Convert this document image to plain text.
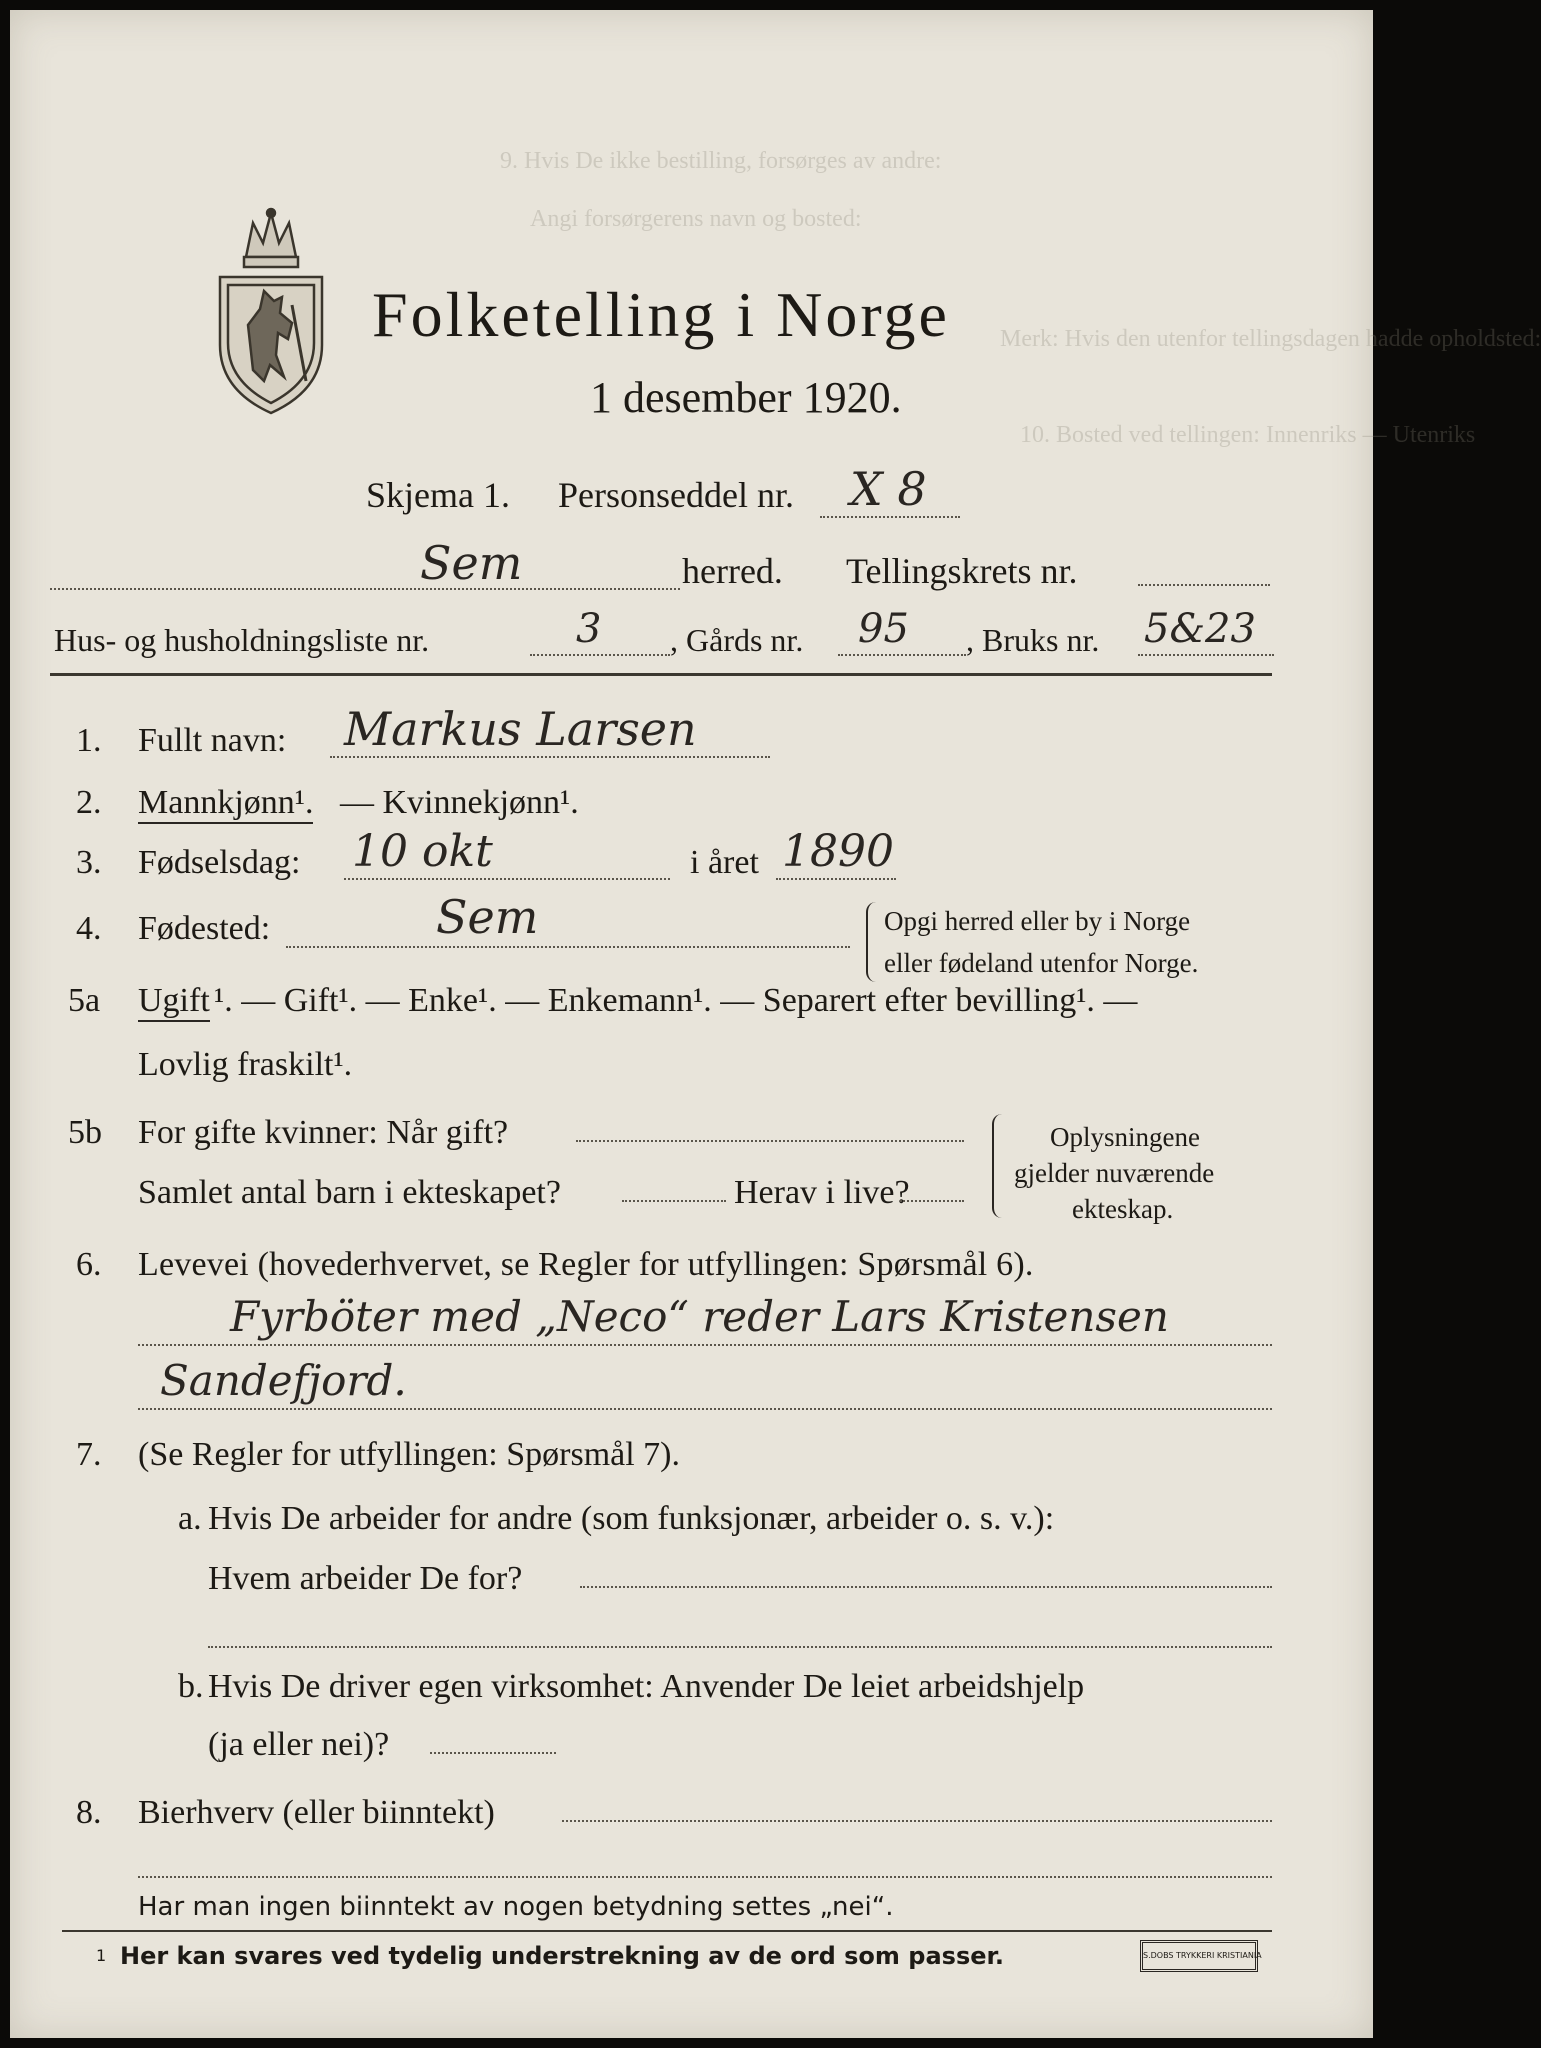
9. Hvis De ikke bestilling, forsørges av andre:
Angi forsørgerens navn og bosted:
Merk: Hvis den utenfor tellingsdagen hadde opholdsted:
10. Bosted ved tellingen: Innenriks — Utenriks
Folketelling i Norge
1 desember 1920.
Skjema 1. Personseddel nr. X 8
Sem	herred. Tellingskrets nr.
Hus- og husholdningsliste nr.	3 , Gårds nr. 95 , Bruks nr. 5&23
1. Fullt navn: Markus Larsen
2. Mannkjønn¹. — Kvinnekjønn¹.
3. Fødselsdag: 10 okt	i året 1890
4. Fødested:	Sem	Opgi herred eller by i Norge
eller fødeland utenfor Norge.
5a Ugift ¹. — Gift¹. — Enke¹. — Enkemann¹. — Separert efter bevilling¹. —
Lovlig fraskilt¹.
5b For gifte kvinner: Når gift?
Samlet antal barn i ekteskapet?	Herav i live?
Oplysningene
gjelder nuværende
ekteskap.
6. Levevei (hovederhvervet, se Regler for utfyllingen: Spørsmål 6).
Fyrböter med „Neco“ reder Lars Kristensen
Sandefjord.
7. (Se Regler for utfyllingen: Spørsmål 7).
a. Hvis De arbeider for andre (som funksjonær, arbeider o. s. v.):
Hvem arbeider De for?
b. Hvis De driver egen virksomhet: Anvender De leiet arbeidshjelp
(ja eller nei)?
8. Bierhverv (eller biinntekt)
Har man ingen biinntekt av nogen betydning settes „nei“.
1 Her kan svares ved tydelig understrekning av de ord som passer.	S.DOBS TRYKKERI KRISTIANIA
